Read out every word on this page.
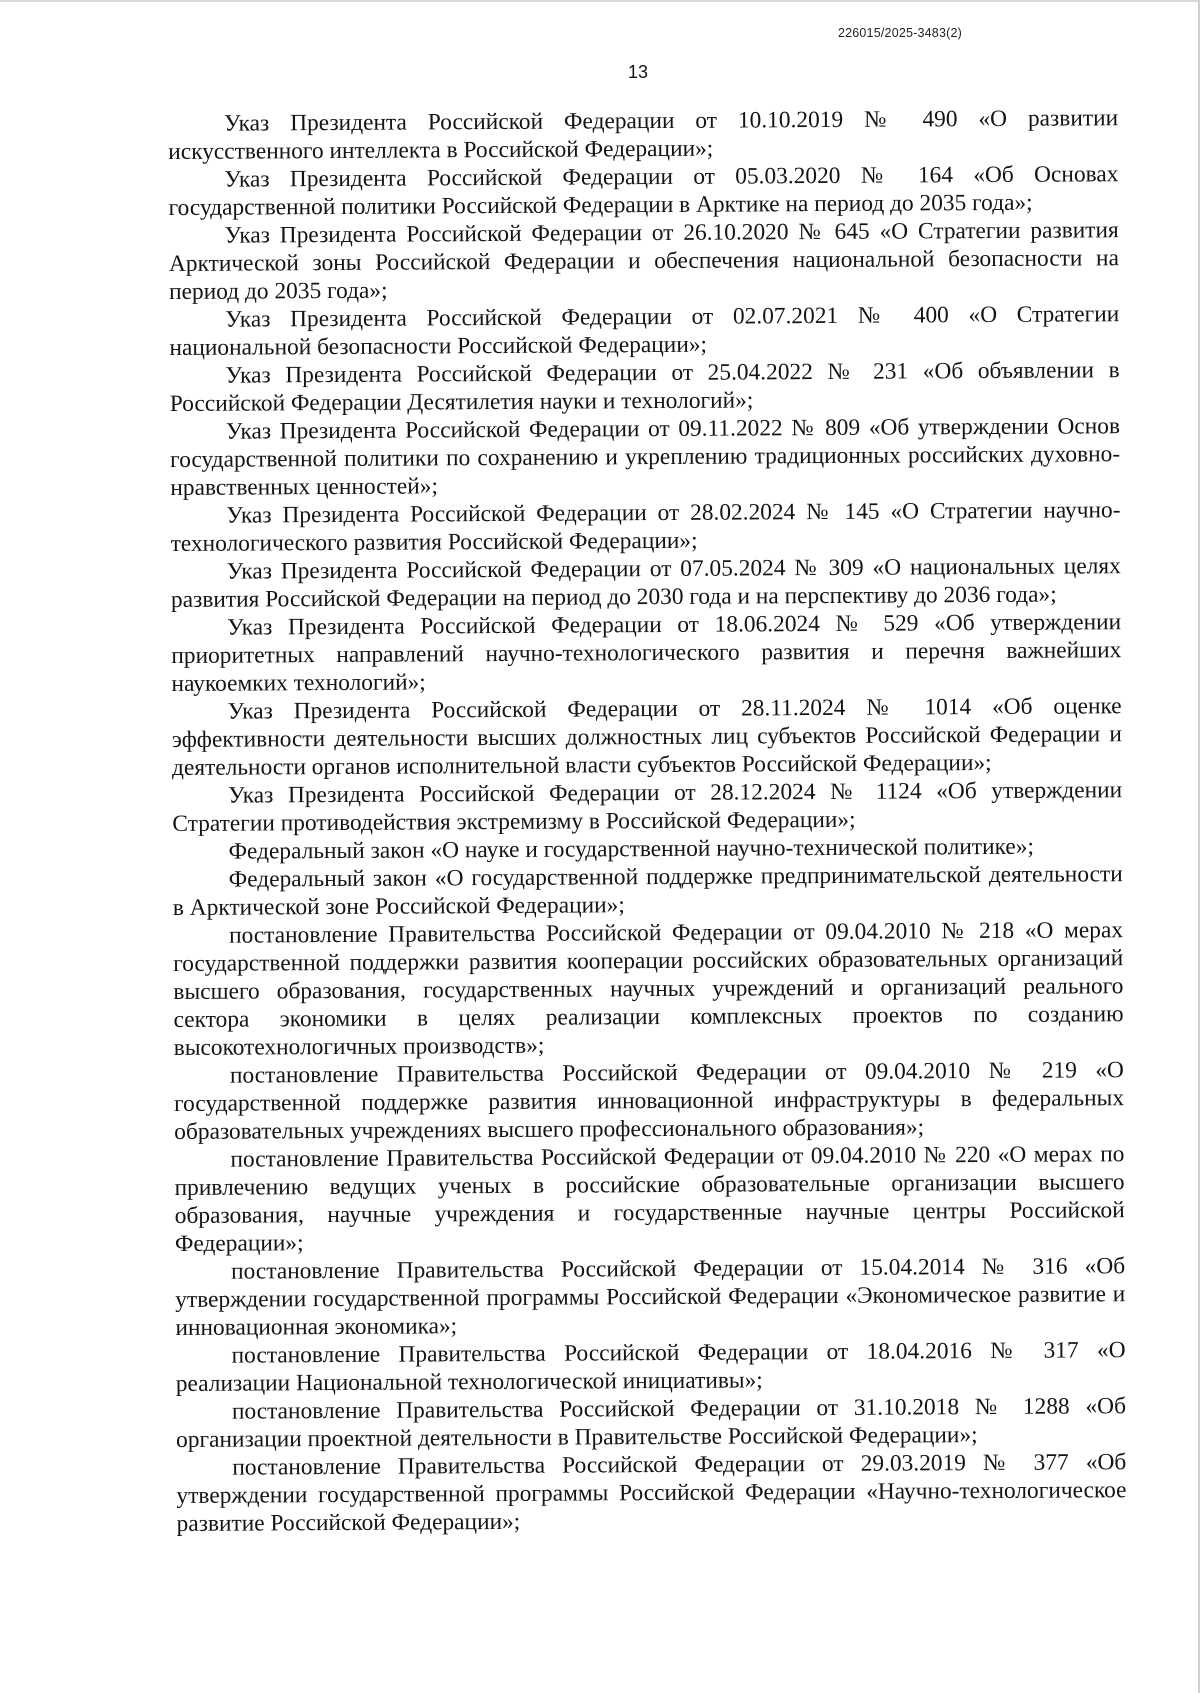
226015/2025-3483(2)
13

Указ Президента Российской Федерации от 10.10.2019 № 490 «О развитии искусственного интеллекта в Российской Федерации»;

Указ Президента Российской Федерации от 05.03.2020 № 164 «Об Основах государственной политики Российской Федерации в Арктике на период до 2035 года»;

Указ Президента Российской Федерации от 26.10.2020 № 645 «О Стратегии развития Арктической зоны Российской Федерации и обеспечения национальной безопасности на период до 2035 года»;

Указ Президента Российской Федерации от 02.07.2021 № 400 «О Стратегии национальной безопасности Российской Федерации»;

Указ Президента Российской Федерации от 25.04.2022 № 231 «Об объявлении в Российской Федерации Десятилетия науки и технологий»;

Указ Президента Российской Федерации от 09.11.2022 № 809 «Об утверждении Основ государственной политики по сохранению и укреплению традиционных российских духовно-нравственных ценностей»;

Указ Президента Российской Федерации от 28.02.2024 № 145 «О Стратегии научно-технологического развития Российской Федерации»;

Указ Президента Российской Федерации от 07.05.2024 № 309 «О национальных целях развития Российской Федерации на период до 2030 года и на перспективу до 2036 года»;

Указ Президента Российской Федерации от 18.06.2024 № 529 «Об утверждении приоритетных направлений научно-технологического развития и перечня важнейших наукоемких технологий»;

Указ Президента Российской Федерации от 28.11.2024 № 1014 «Об оценке эффективности деятельности высших должностных лиц субъектов Российской Федерации и деятельности органов исполнительной власти субъектов Российской Федерации»;

Указ Президента Российской Федерации от 28.12.2024 № 1124 «Об утверждении Стратегии противодействия экстремизму в Российской Федерации»;

Федеральный закон «О науке и государственной научно-технической политике»;

Федеральный закон «О государственной поддержке предпринимательской деятельности в Арктической зоне Российской Федерации»;

постановление Правительства Российской Федерации от 09.04.2010 № 218 «О мерах государственной поддержки развития кооперации российских образовательных организаций высшего образования, государственных научных учреждений и организаций реального сектора экономики в целях реализации комплексных проектов по созданию высокотехнологичных производств»;

постановление Правительства Российской Федерации от 09.04.2010 № 219 «О государственной поддержке развития инновационной инфраструктуры в федеральных образовательных учреждениях высшего профессионального образования»;

постановление Правительства Российской Федерации от 09.04.2010 № 220 «О мерах по привлечению ведущих ученых в российские образовательные организации высшего образования, научные учреждения и государственные научные центры Российской Федерации»;

постановление Правительства Российской Федерации от 15.04.2014 № 316 «Об утверждении государственной программы Российской Федерации «Экономическое развитие и инновационная экономика»;

постановление Правительства Российской Федерации от 18.04.2016 № 317 «О реализации Национальной технологической инициативы»;

постановление Правительства Российской Федерации от 31.10.2018 № 1288 «Об организации проектной деятельности в Правительстве Российской Федерации»;

постановление Правительства Российской Федерации от 29.03.2019 № 377 «Об утверждении государственной программы Российской Федерации «Научно-технологическое развитие Российской Федерации»;
